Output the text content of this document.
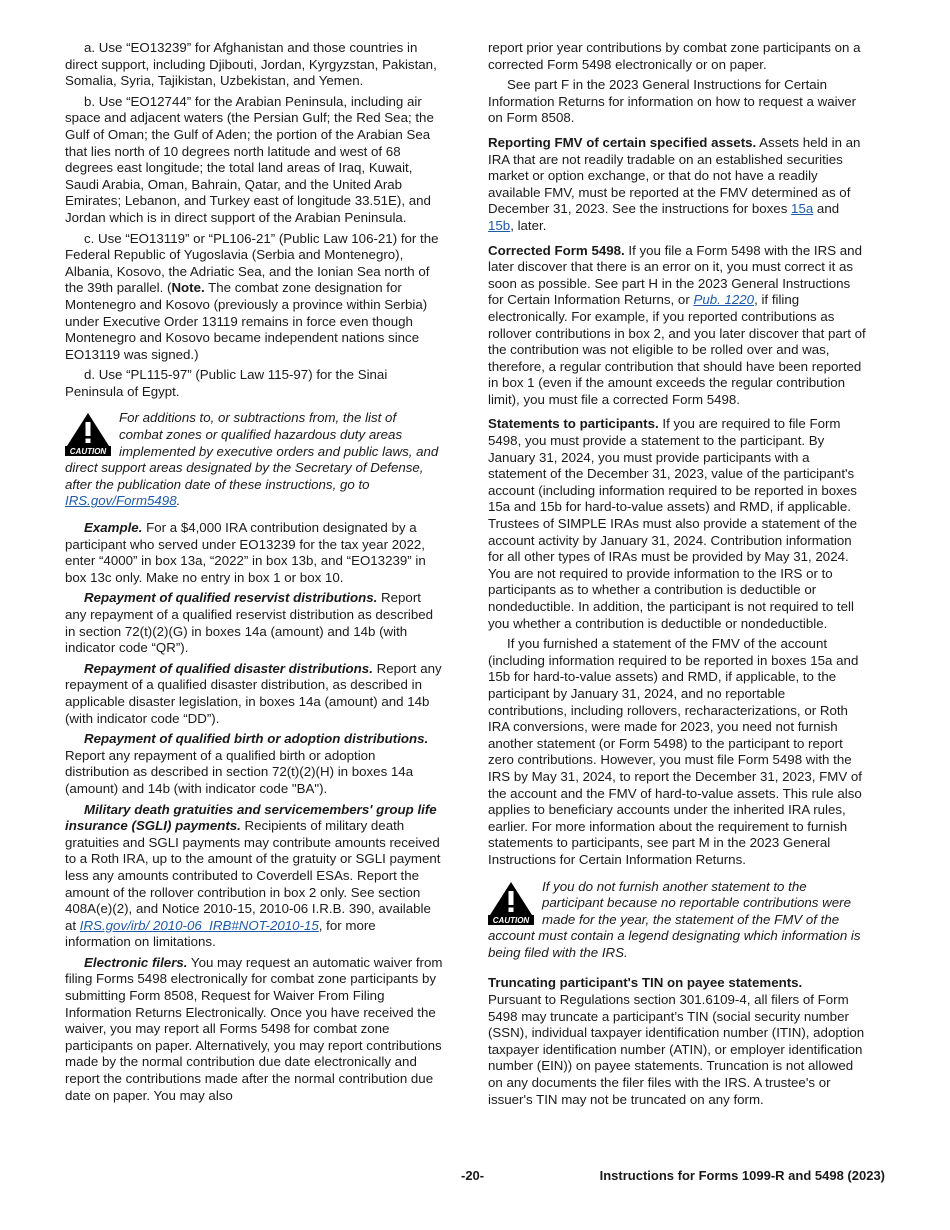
a. Use “EO13239” for Afghanistan and those countries in direct support, including Djibouti, Jordan, Kyrgyzstan, Pakistan, Somalia, Syria, Tajikistan, Uzbekistan, and Yemen.

b. Use “EO12744” for the Arabian Peninsula, including air space and adjacent waters (the Persian Gulf; the Red Sea; the Gulf of Oman; the Gulf of Aden; the portion of the Arabian Sea that lies north of 10 degrees north latitude and west of 68 degrees east longitude; the total land areas of Iraq, Kuwait, Saudi Arabia, Oman, Bahrain, Qatar, and the United Arab Emirates; Lebanon, and Turkey east of longitude 33.51E), and Jordan which is in direct support of the Arabian Peninsula.

c. Use “EO13119” or “PL106-21” (Public Law 106-21) for the Federal Republic of Yugoslavia (Serbia and Montenegro), Albania, Kosovo, the Adriatic Sea, and the Ionian Sea north of the 39th parallel. (Note. The combat zone designation for Montenegro and Kosovo (previously a province within Serbia) under Executive Order 13119 remains in force even though Montenegro and Kosovo became independent nations since EO13119 was signed.)

d. Use “PL115-97” (Public Law 115-97) for the Sinai Peninsula of Egypt.

CAUTION
For additions to, or subtractions from, the list of combat zones or qualified hazardous duty areas implemented by executive orders and public laws, and direct support areas designated by the Secretary of Defense, after the publication date of these instructions, go to IRS.gov/Form5498.

Example. For a $4,000 IRA contribution designated by a participant who served under EO13239 for the tax year 2022, enter “4000” in box 13a, “2022” in box 13b, and “EO13239” in box 13c only. Make no entry in box 1 or box 10.

Repayment of qualified reservist distributions. Report any repayment of a qualified reservist distribution as described in section 72(t)(2)(G) in boxes 14a (amount) and 14b (with indicator code “QR”).

Repayment of qualified disaster distributions. Report any repayment of a qualified disaster distribution, as described in applicable disaster legislation, in boxes 14a (amount) and 14b (with indicator code “DD”).

Repayment of qualified birth or adoption distributions. Report any repayment of a qualified birth or adoption distribution as described in section 72(t)(2)(H) in boxes 14a (amount) and 14b (with indicator code "BA").

Military death gratuities and servicemembers' group life insurance (SGLI) payments. Recipients of military death gratuities and SGLI payments may contribute amounts received to a Roth IRA, up to the amount of the gratuity or SGLI payment less any amounts contributed to Coverdell ESAs. Report the amount of the rollover contribution in box 2 only. See section 408A(e)(2), and Notice 2010-15, 2010-06 I.R.B. 390, available at IRS.gov/irb/ 2010-06_IRB#NOT-2010-15, for more information on limitations.

Electronic filers. You may request an automatic waiver from filing Forms 5498 electronically for combat zone participants by submitting Form 8508, Request for Waiver From Filing Information Returns Electronically. Once you have received the waiver, you may report all Forms 5498 for combat zone participants on paper. Alternatively, you may report contributions made by the normal contribution due date electronically and report the contributions made after the normal contribution due date on paper. You may also

report prior year contributions by combat zone participants on a corrected Form 5498 electronically or on paper.

See part F in the 2023 General Instructions for Certain Information Returns for information on how to request a waiver on Form 8508.

Reporting FMV of certain specified assets. Assets held in an IRA that are not readily tradable on an established securities market or option exchange, or that do not have a readily available FMV, must be reported at the FMV determined as of December 31, 2023. See the instructions for boxes 15a and 15b, later.

Corrected Form 5498. If you file a Form 5498 with the IRS and later discover that there is an error on it, you must correct it as soon as possible. See part H in the 2023 General Instructions for Certain Information Returns, or Pub. 1220, if filing electronically. For example, if you reported contributions as rollover contributions in box 2, and you later discover that part of the contribution was not eligible to be rolled over and was, therefore, a regular contribution that should have been reported in box 1 (even if the amount exceeds the regular contribution limit), you must file a corrected Form 5498.

Statements to participants. If you are required to file Form 5498, you must provide a statement to the participant. By January 31, 2024, you must provide participants with a statement of the December 31, 2023, value of the participant's account (including information required to be reported in boxes 15a and 15b for hard-to-value assets) and RMD, if applicable. Trustees of SIMPLE IRAs must also provide a statement of the account activity by January 31, 2024. Contribution information for all other types of IRAs must be provided by May 31, 2024. You are not required to provide information to the IRS or to participants as to whether a contribution is deductible or nondeductible. In addition, the participant is not required to tell you whether a contribution is deductible or nondeductible.

If you furnished a statement of the FMV of the account (including information required to be reported in boxes 15a and 15b for hard-to-value assets) and RMD, if applicable, to the participant by January 31, 2024, and no reportable contributions, including rollovers, recharacterizations, or Roth IRA conversions, were made for 2023, you need not furnish another statement (or Form 5498) to the participant to report zero contributions. However, you must file Form 5498 with the IRS by May 31, 2024, to report the December 31, 2023, FMV of the account and the FMV of hard-to-value assets. This rule also applies to beneficiary accounts under the inherited IRA rules, earlier. For more information about the requirement to furnish statements to participants, see part M in the 2023 General Instructions for Certain Information Returns.

CAUTION
If you do not furnish another statement to the participant because no reportable contributions were made for the year, the statement of the FMV of the account must contain a legend designating which information is being filed with the IRS.

Truncating participant's TIN on payee statements.

Pursuant to Regulations section 301.6109-4, all filers of Form 5498 may truncate a participant’s TIN (social security number (SSN), individual taxpayer identification number (ITIN), adoption taxpayer identification number (ATIN), or employer identification number (EIN)) on payee statements. Truncation is not allowed on any documents the filer files with the IRS. A trustee's or issuer's TIN may not be truncated on any form.

-20-	Instructions for Forms 1099-R and 5498 (2023)
